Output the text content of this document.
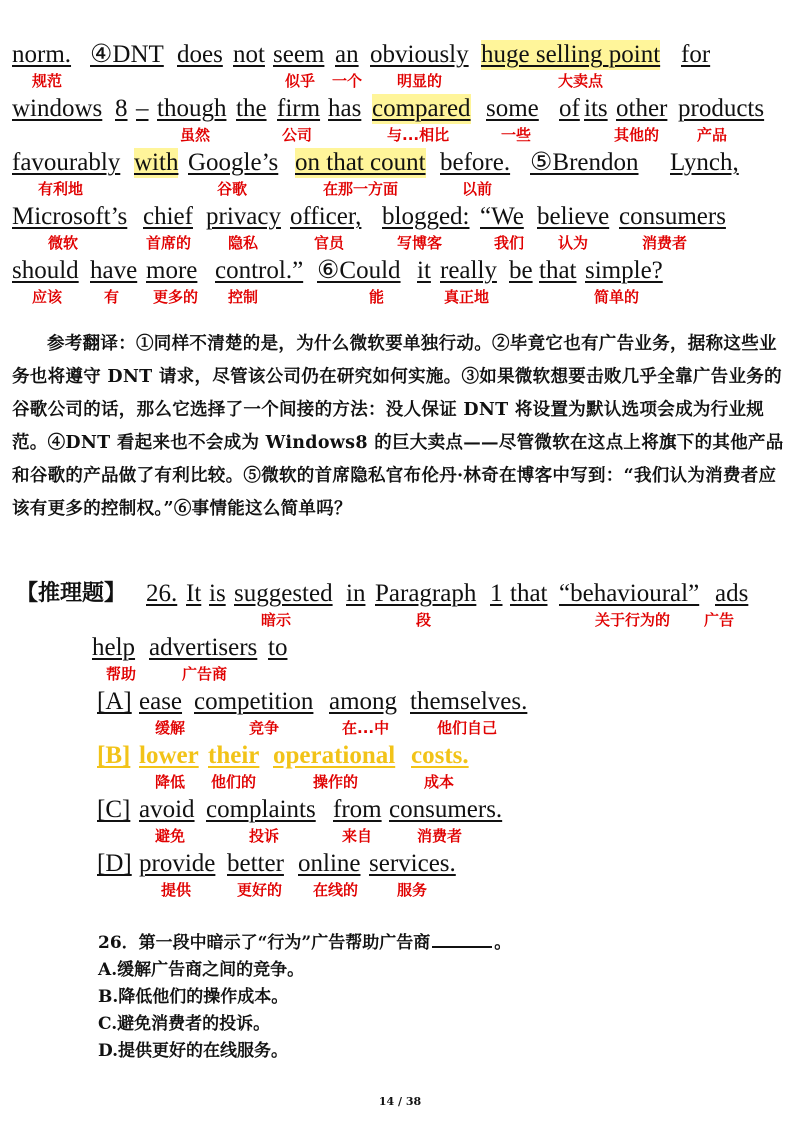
norm. ④DNT does not seem an obviously huge selling point for
规范	似乎 一个 明显的	大卖点
windows 8 – though the firm has compared some of its other products
虽然	公司	与...相比	一些	其他的	产品
favourably with Google’s on that count before. ⑤Brendon Lynch,
有利地	谷歌	在那一方面	以前
Microsoft’s chief privacy officer, blogged: “We believe consumers
微软	首席的 隐私	官员	写博客	我们 认为	消费者
should have more control.” ⑥Could it really be that simple?
应该	有 更多的 控制	能	真正地	简单的

参考翻译：①同样不清楚的是，为什么微软要单独行动。②毕竟它也有广告业务，据称这些业务也将遵守 DNT 请求，尽管该公司仍在研究如何实施。③如果微软想要击败几乎全靠广告业务的谷歌公司的话，那么它选择了一个间接的方法：没人保证 DNT 将设置为默认选项会成为行业规范。④DNT 看起来也不会成为 Windows8 的巨大卖点——尽管微软在这点上将旗下的其他产品和谷歌的产品做了有利比较。⑤微软的首席隐私官布伦丹·林奇在博客中写到：“我们认为消费者应该有更多的控制权。”⑥事情能这么简单吗？

【推理题】 26. It is suggested in Paragraph 1 that “behavioural” ads
暗示	段	关于行为的 广告
help advertisers to
帮助	广告商
[A] ease competition among themselves.
缓解	竞争	在...中	他们自己
[B] lower their operational costs.
降低 他们的	操作的	成本
[C] avoid complaints from consumers.
避免	投诉	来自	消费者
[D] provide better online services.
提供	更好的 在线的	服务
26．第一段中暗示了“行为”广告帮助广告商	。
A.缓解广告商之间的竞争。
B.降低他们的操作成本。
C.避免消费者的投诉。
D.提供更好的在线服务。
14 / 38
